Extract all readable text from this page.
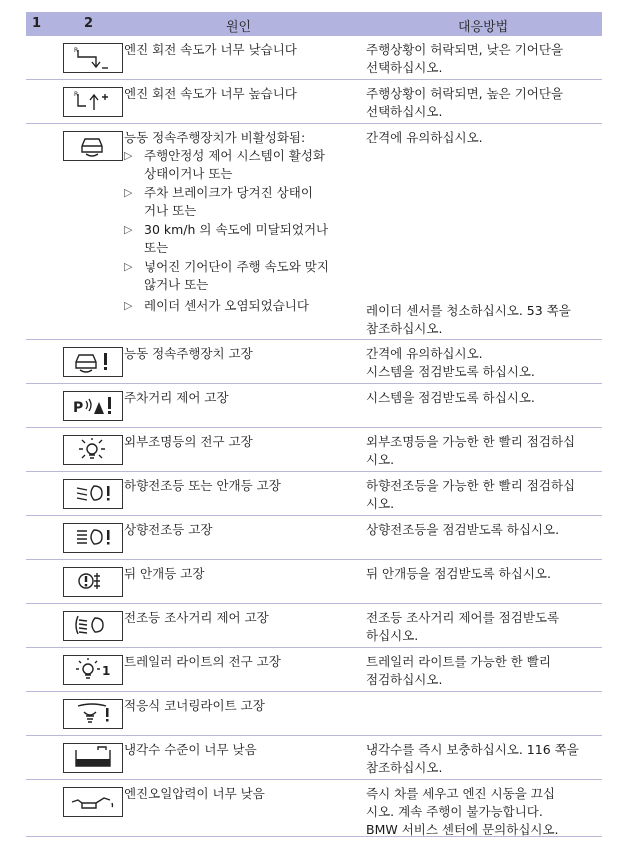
1	2	원인	대응방법
R	엔진 회전 속도가 너무 낮습니다	주행상황이 허락되면, 낮은 기어단을
선택하십시오.
R	엔진 회전 속도가 너무 높습니다	주행상황이 허락되면, 높은 기어단을
선택하십시오.
능동 정속주행장치가 비활성화됨:	간격에 유의하십시오.
▷ 주행안정성 제어 시스템이 활성화
상태이거나 또는
▷ 주차 브레이크가 당겨진 상태이
거나 또는
▷ 30 km/h 의 속도에 미달되었거나
또는
▷ 넣어진 기어단이 주행 속도와 맞지
않거나 또는
▷ 레이더 센서가 오염되었습니다	레이더 센서를 청소하십시오. 53 쪽을
참조하십시오.
능동 정속주행장치 고장	간격에 유의하십시오.
시스템을 점검받도록 하십시오.
P
주차거리 제어 고장	시스템을 점검받도록 하십시오.
외부조명등의 전구 고장	외부조명등을 가능한 한 빨리 점검하십
시오.
하향전조등 또는 안개등 고장	하향전조등을 가능한 한 빨리 점검하십
시오.
상향전조등 고장	상향전조등을 점검받도록 하십시오.
뒤 안개등 고장	뒤 안개등을 점검받도록 하십시오.
전조등 조사거리 제어 고장	전조등 조사거리 제어를 점검받도록
하십시오.
1
트레일러 라이트의 전구 고장	트레일러 라이트를 가능한 한 빨리
점검하십시오.
적응식 코너링라이트 고장
냉각수 수준이 너무 낮음	냉각수를 즉시 보충하십시오. 116 쪽을
참조하십시오.
엔진오일압력이 너무 낮음	즉시 차를 세우고 엔진 시동을 끄십
시오. 계속 주행이 불가능합니다.
BMW 서비스 센터에 문의하십시오.
